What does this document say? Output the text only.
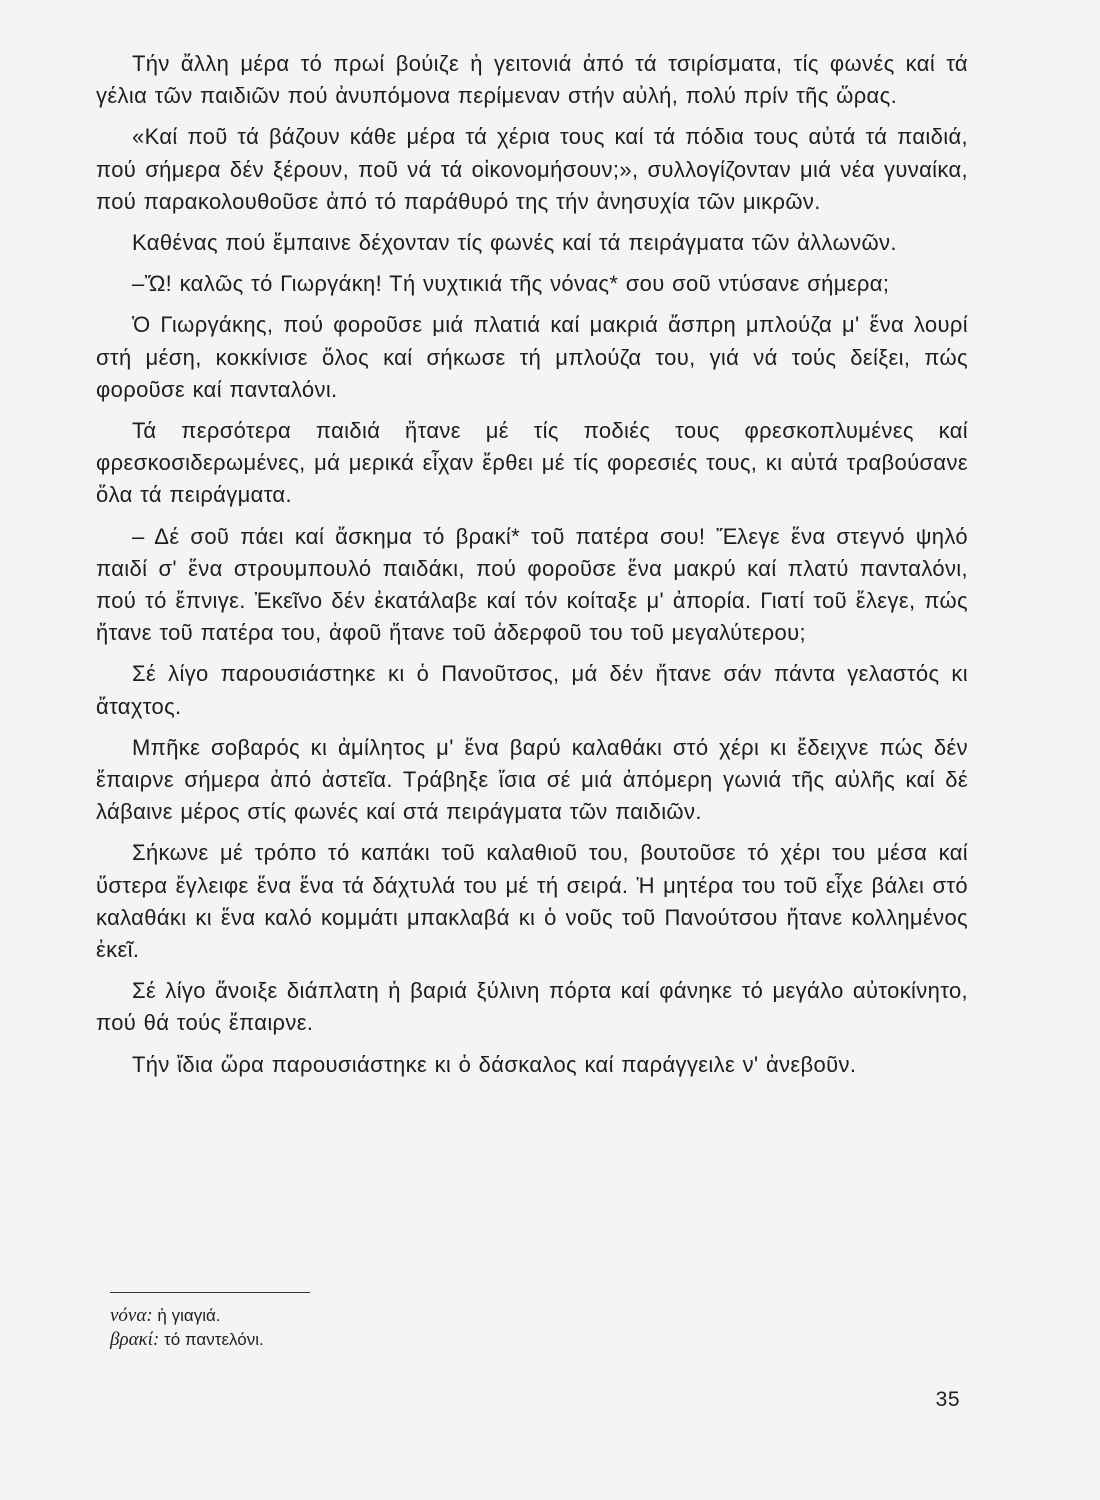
Τήν ἄλλη μέρα τό πρωί βούιζε ἡ γειτονιά ἀπό τά τσιρίσματα, τίς φωνές καί τά γέλια τῶν παιδιῶν πού ἀνυπόμονα περίμεναν στήν αὐλή, πολύ πρίν τῆς ὥρας.

«Καί ποῦ τά βάζουν κάθε μέρα τά χέρια τους καί τά πόδια τους αὐτά τά παιδιά, πού σήμερα δέν ξέρουν, ποῦ νά τά οἰκονομήσουν;», συλλογίζονταν μιά νέα γυναίκα, πού παρακολουθοῦσε ἀπό τό παράθυρό της τήν ἀνησυχία τῶν μικρῶν.

Καθένας πού ἔμπαινε δέχονταν τίς φωνές καί τά πειράγματα τῶν ἀλλωνῶν.

–Ὤ! καλῶς τό Γιωργάκη! Τή νυχτικιά τῆς νόνας* σου σοῦ ντύσανε σήμερα;

Ὁ Γιωργάκης, πού φοροῦσε μιά πλατιά καί μακριά ἄσπρη μπλούζα μ' ἕνα λουρί στή μέση, κοκκίνισε ὅλος καί σήκωσε τή μπλούζα του, γιά νά τούς δείξει, πώς φοροῦσε καί πανταλόνι.

Τά περσότερα παιδιά ἤτανε μέ τίς ποδιές τους φρεσκοπλυμένες καί φρεσκοσιδερωμένες, μά μερικά εἶχαν ἔρθει μέ τίς φορεσιές τους, κι αὐτά τραβούσανε ὅλα τά πειράγματα.

– Δέ σοῦ πάει καί ἄσκημα τό βρακί* τοῦ πατέρα σου! Ἔλεγε ἕνα στεγνό ψηλό παιδί σ' ἕνα στρουμπουλό παιδάκι, πού φοροῦσε ἕνα μακρύ καί πλατύ πανταλόνι, πού τό ἔπνιγε. Ἐκεῖνο δέν ἐκατάλαβε καί τόν κοίταξε μ' ἀπορία. Γιατί τοῦ ἔλεγε, πώς ἤτανε τοῦ πατέρα του, ἀφοῦ ἤτανε τοῦ ἀδερφοῦ του τοῦ μεγαλύτερου;

Σέ λίγο παρουσιάστηκε κι ὁ Πανοῦτσος, μά δέν ἤτανε σάν πάντα γελαστός κι ἄταχτος.

Μπῆκε σοβαρός κι ἀμίλητος μ' ἕνα βαρύ καλαθάκι στό χέρι κι ἔδειχνε πώς δέν ἔπαιρνε σήμερα ἀπό ἀστεῖα. Τράβηξε ἴσια σέ μιά ἀπόμερη γωνιά τῆς αὐλῆς καί δέ λάβαινε μέρος στίς φωνές καί στά πειράγματα τῶν παιδιῶν.

Σήκωνε μέ τρόπο τό καπάκι τοῦ καλαθιοῦ του, βουτοῦσε τό χέρι του μέσα καί ὕστερα ἔγλειφε ἕνα ἕνα τά δάχτυλά του μέ τή σειρά. Ἡ μητέρα του τοῦ εἶχε βάλει στό καλαθάκι κι ἕνα καλό κομμάτι μπακλαβά κι ὁ νοῦς τοῦ Πανούτσου ἤτανε κολλημένος ἐκεῖ.

Σέ λίγο ἄνοιξε διάπλατη ἡ βαριά ξύλινη πόρτα καί φάνηκε τό μεγάλο αὐτοκίνητο, πού θά τούς ἔπαιρνε.

Τήν ἴδια ὥρα παρουσιάστηκε κι ὁ δάσκαλος καί παράγγειλε ν' ἀνεβοῦν.

νόνα: ἡ γιαγιά.

βρακί: τό παντελόνι.

35
